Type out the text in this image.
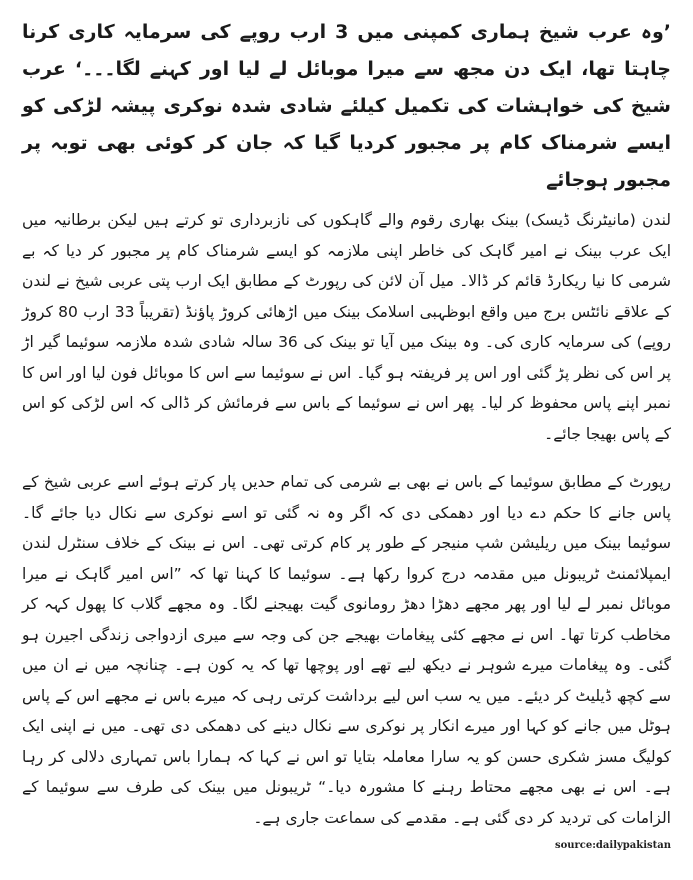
’وہ عرب شیخ ہماری کمپنی میں 3 ارب روپے کی سرمایہ کاری کرنا چاہتا تھا، ایک دن مجھ سے میرا موبائل لے لیا اور کہنے لگا۔۔۔‘ عرب شیخ کی خواہشات کی تکمیل کیلئے شادی شدہ نوکری پیشہ لڑکی کو ایسے شرمناک کام پر مجبور کردیا گیا کہ جان کر کوئی بھی توبہ پر مجبور ہوجائے

لندن (مانیٹرنگ ڈیسک) بینک بھاری رقوم والے گاہکوں کی نازبرداری تو کرتے ہیں لیکن برطانیہ میں ایک عرب بینک نے امیر گاہک کی خاطر اپنی ملازمہ کو ایسے شرمناک کام پر مجبور کر دیا کہ بے شرمی کا نیا ریکارڈ قائم کر ڈالا۔ میل آن لائن کی رپورٹ کے مطابق ایک ارب پتی عربی شیخ نے لندن کے علاقے نائٹس برج میں واقع ابوظہبی اسلامک بینک میں اڑھائی کروڑ پاﺅنڈ (تقریباً 33 ارب 80 کروڑ روپے) کی سرمایہ کاری کی۔ وہ بینک میں آیا تو بینک کی 36 سالہ شادی شدہ ملازمہ سوئیما گیر اڑ پر اس کی نظر پڑ گئی اور اس پر فریفتہ ہو گیا۔ اس نے سوئیما سے اس کا موبائل فون لیا اور اس کا نمبر اپنے پاس محفوظ کر لیا۔ پھر اس نے سوئیما کے باس سے فرمائش کر ڈالی کہ اس لڑکی کو اس کے پاس بھیجا جائے۔

رپورٹ کے مطابق سوئیما کے باس نے بھی بے شرمی کی تمام حدیں پار کرتے ہوئے اسے عربی شیخ کے پاس جانے کا حکم دے دیا اور دھمکی دی کہ اگر وہ نہ گئی تو اسے نوکری سے نکال دیا جائے گا۔ سوئیما بینک میں ریلیشن شپ منیجر کے طور پر کام کرتی تھی۔ اس نے بینک کے خلاف سنٹرل لندن ایمپلائمنٹ ٹریبونل میں مقدمہ درج کروا رکھا ہے۔ سوئیما کا کہنا تھا کہ ”اس امیر گاہک نے میرا موبائل نمبر لے لیا اور پھر مجھے دھڑا دھڑ رومانوی گیت بھیجنے لگا۔ وہ مجھے گلاب کا پھول کہہ کر مخاطب کرتا تھا۔ اس نے مجھے کئی پیغامات بھیجے جن کی وجہ سے میری ازدواجی زندگی اجیرن ہو گئی۔ وہ پیغامات میرے شوہر نے دیکھ لیے تھے اور پوچھا تھا کہ یہ کون ہے۔ چنانچہ میں نے ان میں سے کچھ ڈیلیٹ کر دیئے۔ میں یہ سب اس لیے برداشت کرتی رہی کہ میرے باس نے مجھے اس کے پاس ہوٹل میں جانے کو کہا اور میرے انکار پر نوکری سے نکال دینے کی دھمکی دی تھی۔ میں نے اپنی ایک کولیگ مسز شکری حسن کو یہ سارا معاملہ بتایا تو اس نے کہا کہ ہمارا باس تمہاری دلالی کر رہا ہے۔ اس نے بھی مجھے محتاط رہنے کا مشورہ دیا۔“ ٹریبونل میں بینک کی طرف سے سوئیما کے الزامات کی تردید کر دی گئی ہے۔ مقدمے کی سماعت جاری ہے۔

source:dailypakistan
